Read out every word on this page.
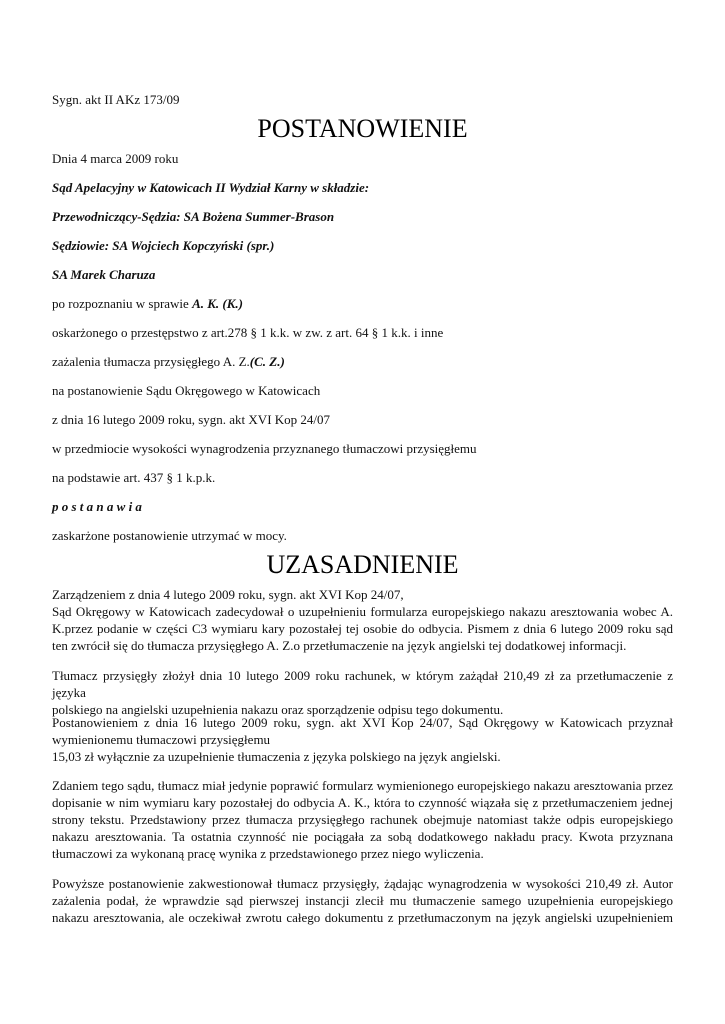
Sygn. akt II AKz 173/09
POSTANOWIENIE
Dnia 4 marca 2009 roku
Sąd Apelacyjny w Katowicach II Wydział Karny w składzie:
Przewodniczący-Sędzia: SA Bożena Summer-Brason
Sędziowie: SA Wojciech Kopczyński (spr.)
SA Marek Charuza
po rozpoznaniu w sprawie A. K. (K.)
oskarżonego o przestępstwo z art.278 § 1 k.k. w zw. z art. 64 § 1 k.k. i inne
zażalenia tłumacza przysięgłego A. Z.(C. Z.)
na postanowienie Sądu Okręgowego w Katowicach
z dnia 16 lutego 2009 roku, sygn. akt XVI Kop 24/07
w przedmiocie wysokości wynagrodzenia przyznanego tłumaczowi przysięgłemu
na podstawie art. 437 § 1 k.p.k.
p o s t a n a w i a
zaskarżone postanowienie utrzymać w mocy.
UZASADNIENIE
Zarządzeniem z dnia 4 lutego 2009 roku, sygn. akt XVI Kop 24/07,
Sąd Okręgowy w Katowicach zadecydował o uzupełnieniu formularza europejskiego nakazu aresztowania wobec A.
K.przez podanie w części C3 wymiaru kary pozostałej tej osobie do odbycia. Pismem z dnia 6 lutego 2009 roku sąd
ten zwrócił się do tłumacza przysięgłego A. Z.o przetłumaczenie na język angielski tej dodatkowej informacji.
Tłumacz przysięgły złożył dnia 10 lutego 2009 roku rachunek, w którym zażądał 210,49 zł za przetłumaczenie z języka
polskiego na angielski uzupełnienia nakazu oraz sporządzenie odpisu tego dokumentu.
Postanowieniem z dnia 16 lutego 2009 roku, sygn. akt XVI Kop 24/07, Sąd Okręgowy w Katowicach przyznał
wymienionemu tłumaczowi przysięgłemu
15,03 zł wyłącznie za uzupełnienie tłumaczenia z języka polskiego na język angielski.
Zdaniem tego sądu, tłumacz miał jedynie poprawić formularz wymienionego europejskiego nakazu aresztowania przez
dopisanie w nim wymiaru kary pozostałej do odbycia A. K., która to czynność wiązała się z przetłumaczeniem jednej
strony tekstu. Przedstawiony przez tłumacza przysięgłego rachunek obejmuje natomiast także odpis europejskiego
nakazu aresztowania. Ta ostatnia czynność nie pociągała za sobą dodatkowego nakładu pracy. Kwota przyznana
tłumaczowi za wykonaną pracę wynika z przedstawionego przez niego wyliczenia.
Powyższe postanowienie zakwestionował tłumacz przysięgły, żądając wynagrodzenia w wysokości 210,49 zł. Autor
zażalenia podał, że wprawdzie sąd pierwszej instancji zlecił mu tłumaczenie samego uzupełnienia europejskiego
nakazu aresztowania, ale oczekiwał zwrotu całego dokumentu z przetłumaczonym na język angielski uzupełnieniem
